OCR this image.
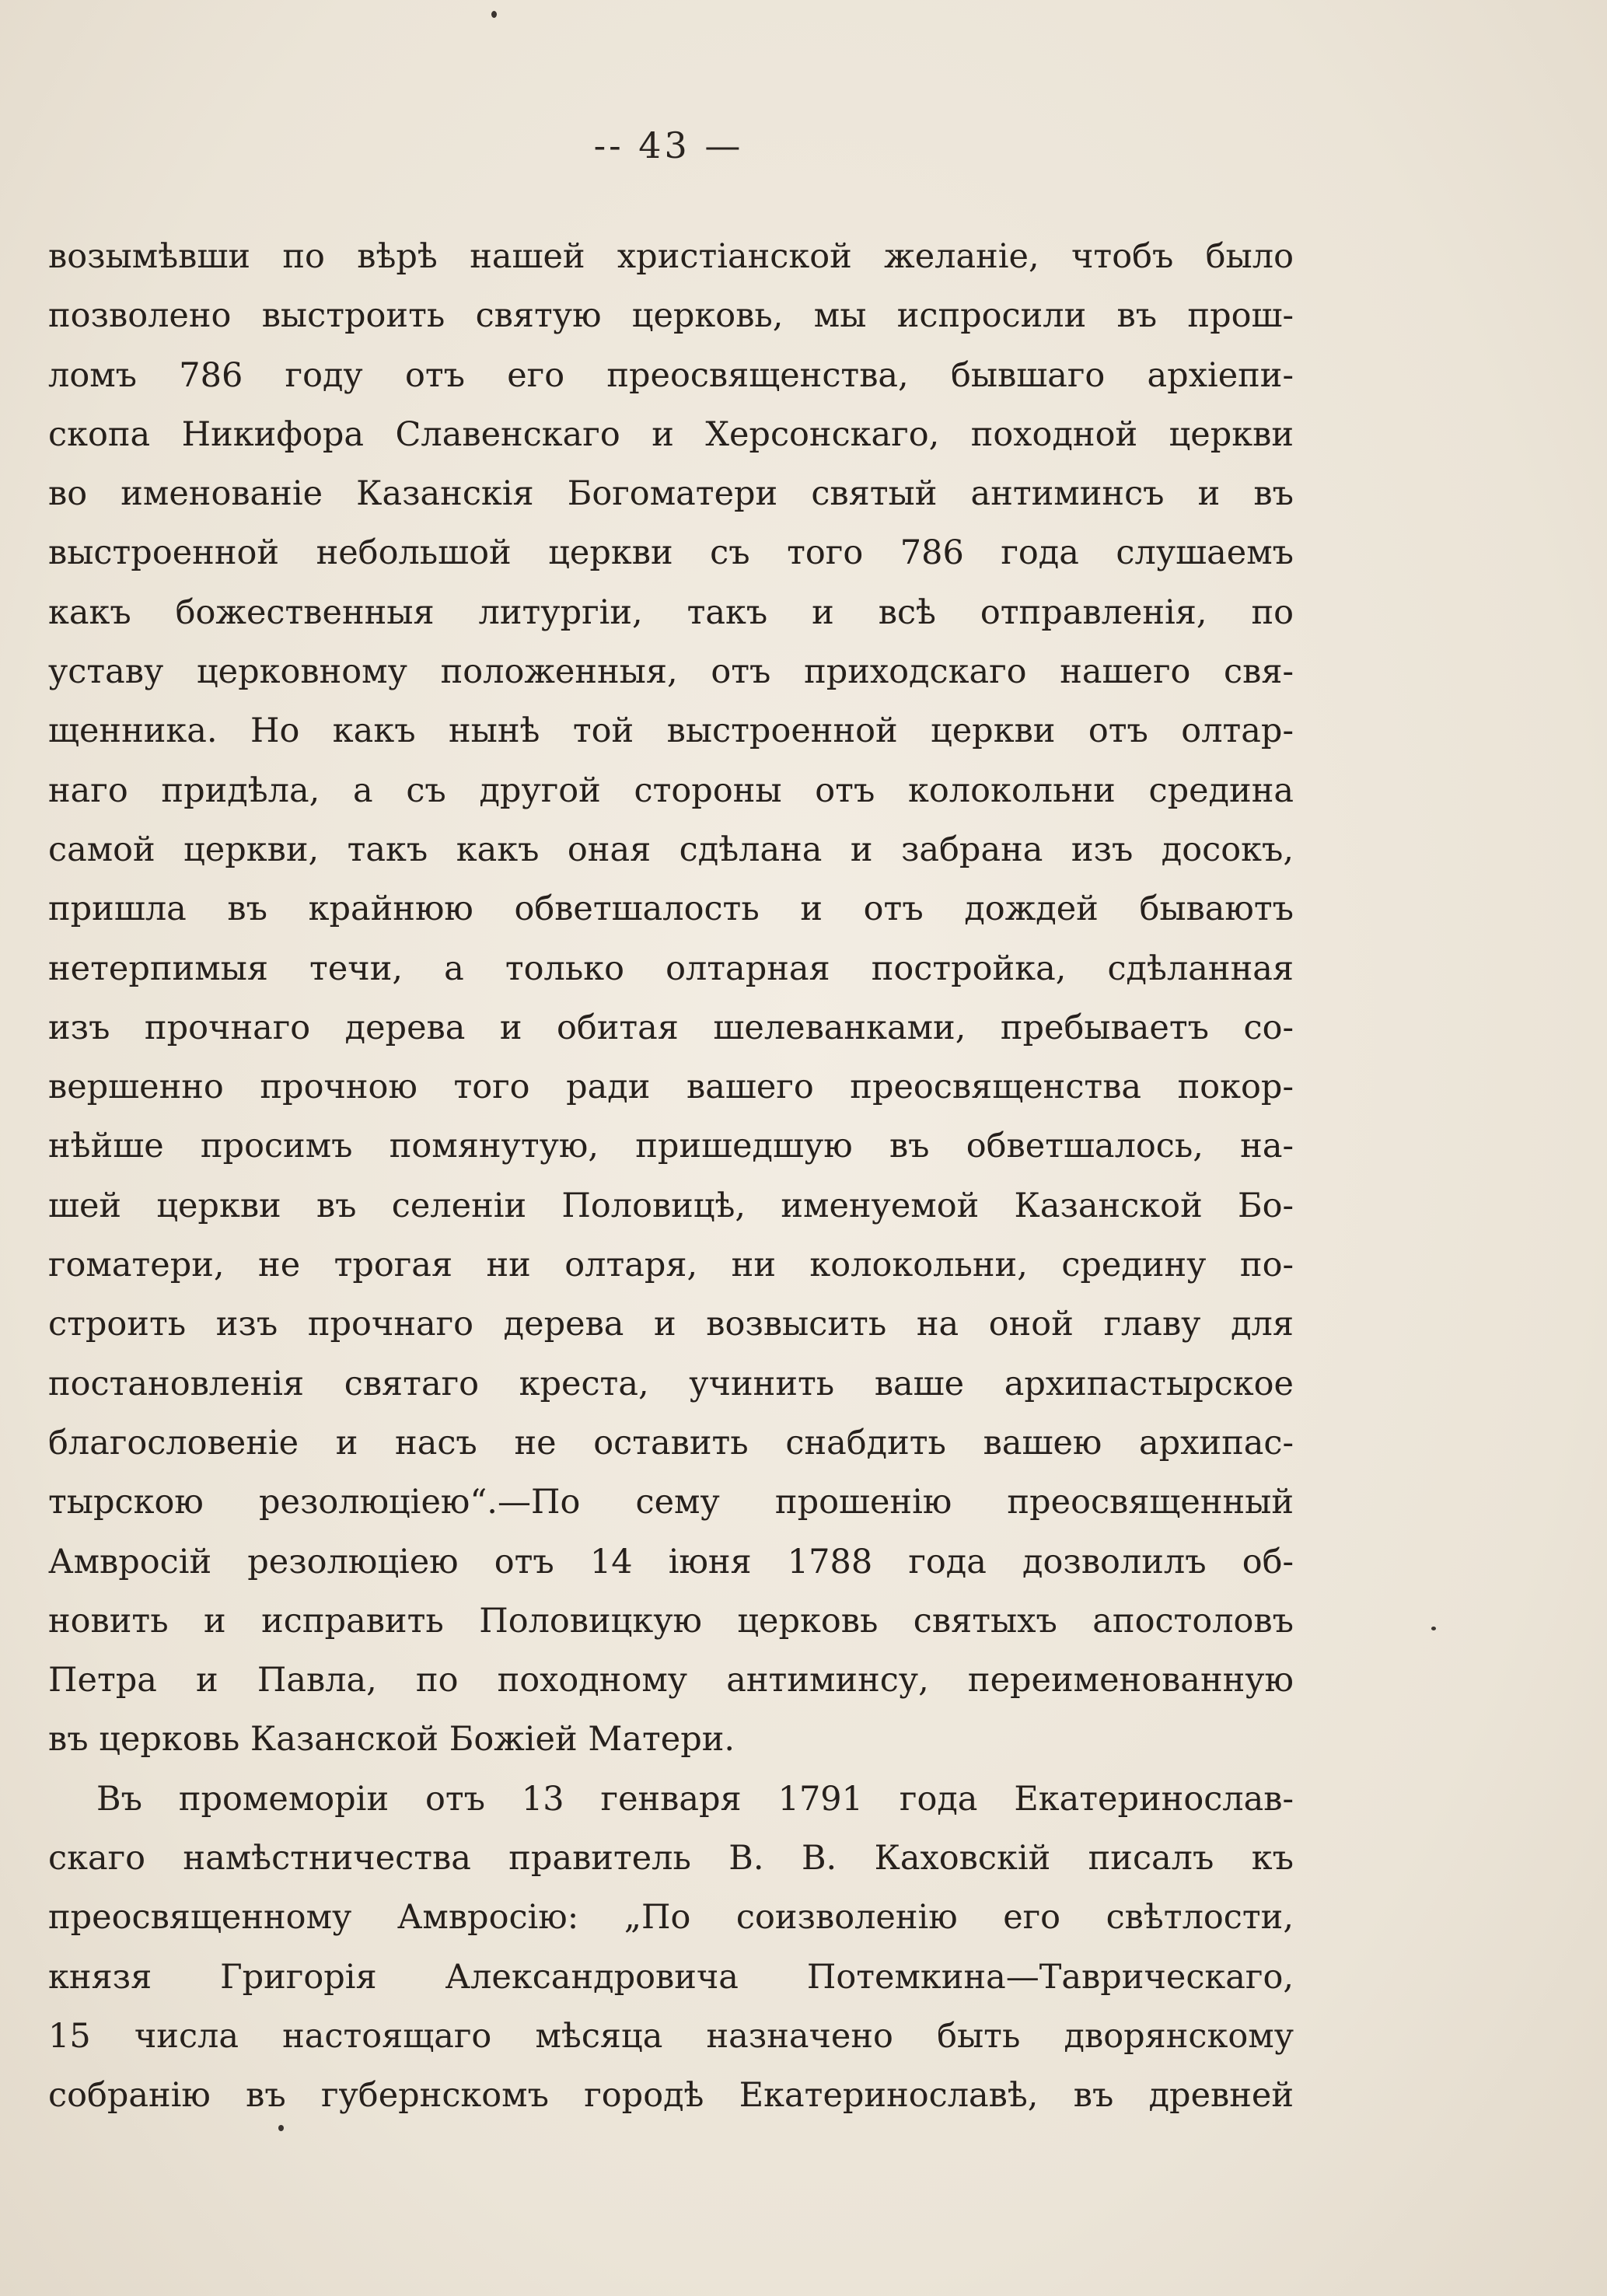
-- 43 —
возымѣвши по вѣрѣ нашей христіанской желаніе, чтобъ было
позволено выстроить святую церковь, мы испросили въ прош-
ломъ 786 году отъ его преосвященства, бывшаго архіепи-
скопа Никифора Славенскаго и Херсонскаго, походной церкви
во именованіе Казанскія Богоматери святый антиминсъ и въ
выстроенной небольшой церкви съ того 786 года слушаемъ
какъ божественныя литургіи, такъ и всѣ отправленія, по
уставу церковному положенныя, отъ приходскаго нашего свя-
щенника. Но какъ нынѣ той выстроенной церкви отъ олтар-
наго придѣла, а съ другой стороны отъ колокольни средина
самой церкви, такъ какъ оная сдѣлана и забрана изъ досокъ,
пришла въ крайнюю обветшалость и отъ дождей бываютъ
нетерпимыя течи, а только олтарная постройка, сдѣланная
изъ прочнаго дерева и обитая шелеванками, пребываетъ со-
вершенно прочною того ради вашего преосвященства покор-
нѣйше просимъ помянутую, пришедшую въ обветшалось, на-
шей церкви въ селеніи Половицѣ, именуемой Казанской Бо-
гоматери, не трогая ни олтаря, ни колокольни, средину по-
строить изъ прочнаго дерева и возвысить на оной главу для
постановленія святаго креста, учинить ваше архипастырское
благословеніе и насъ не оставить снабдить вашею архипас-
тырскою резолюціею“.—По сему прошенію преосвященный
Амвросій резолюціею отъ 14 іюня 1788 года дозволилъ об-
новить и исправить Половицкую церковь святыхъ апостоловъ
Петра и Павла, по походному антиминсу, переименованную
въ церковь Казанской Божіей Матери.
Въ промеморіи отъ 13 генваря 1791 года Екатеринослав-
скаго намѣстничества правитель В. В. Каховскій писалъ къ
преосвященному Амвросію: „По соизволенію его свѣтлости,
князя Григорія Александровича Потемкина—Таврическаго,
15 числа настоящаго мѣсяца назначено быть дворянскому
собранію въ губернскомъ городѣ Екатеринославѣ, въ древней
